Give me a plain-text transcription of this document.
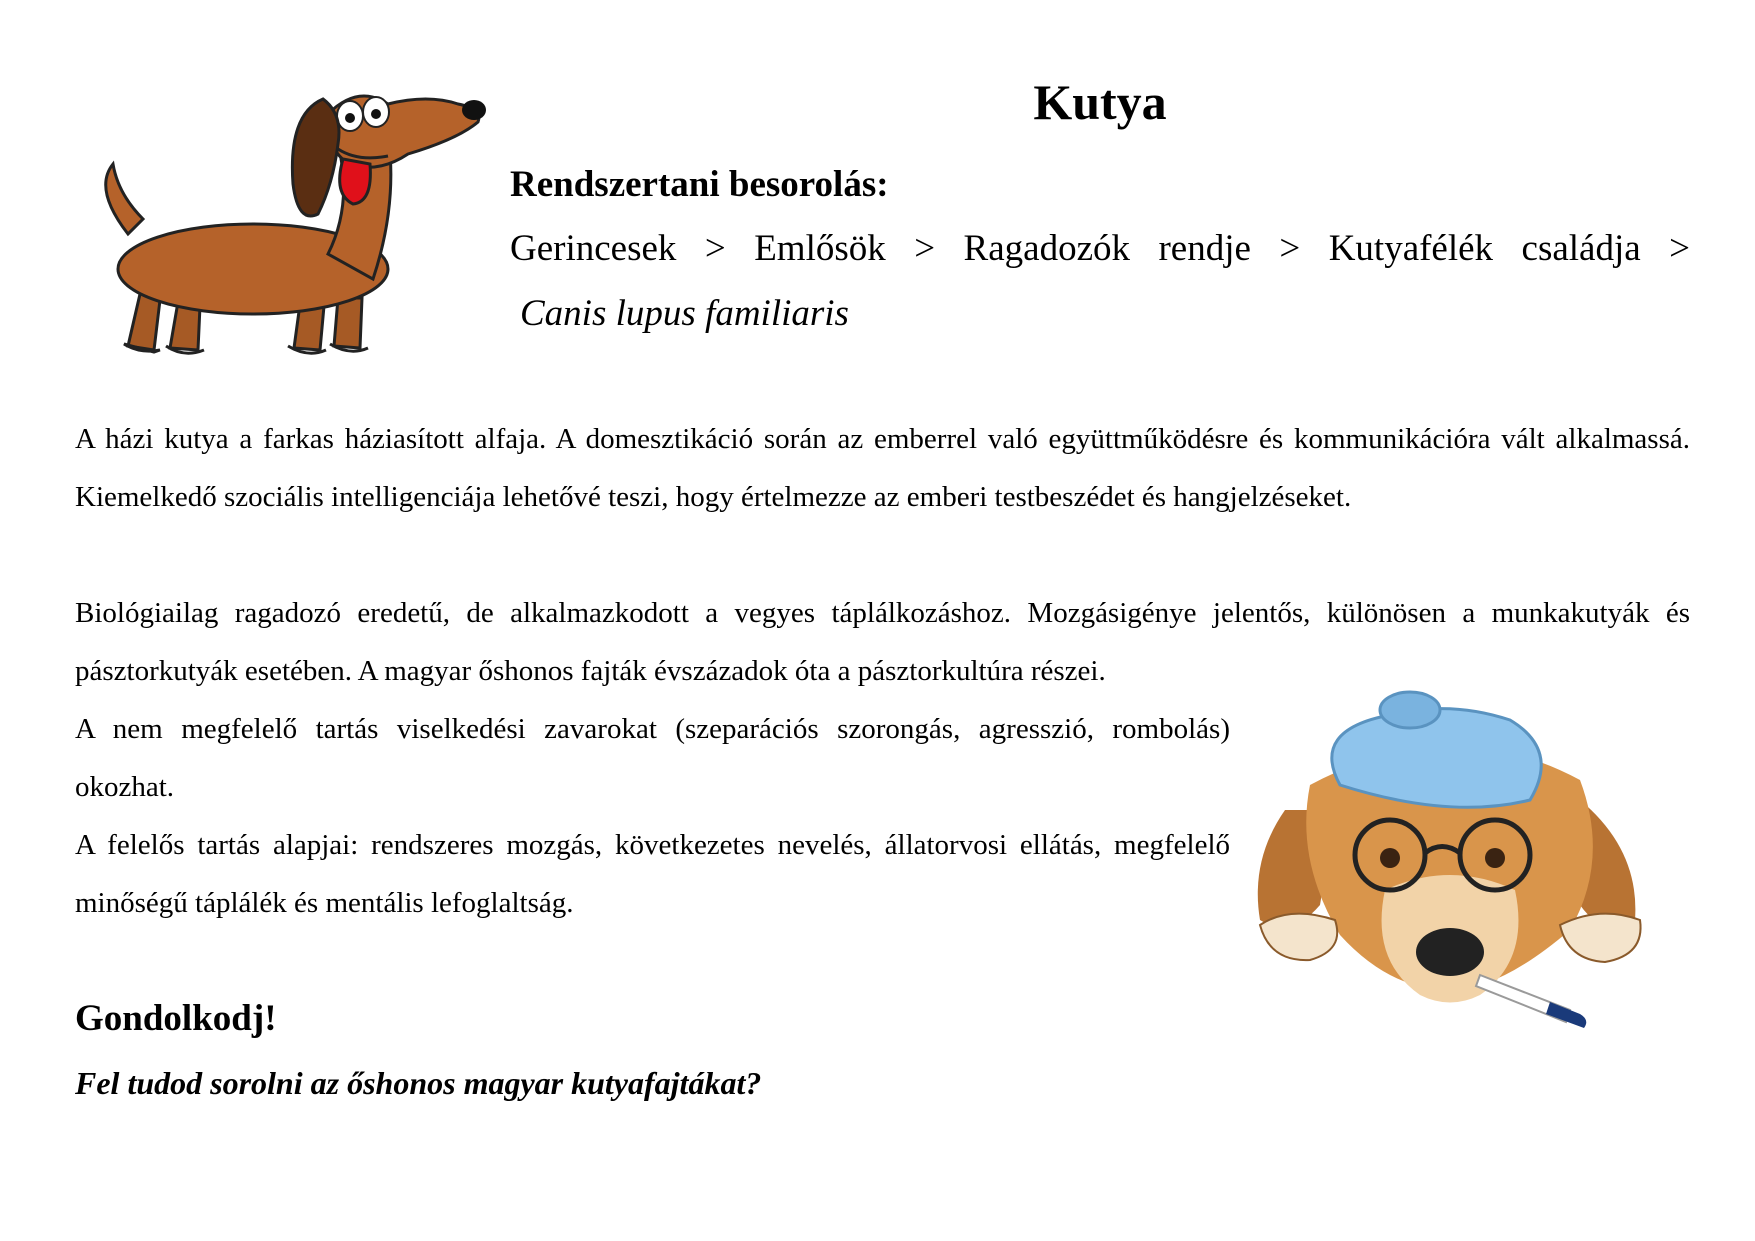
Kutya
Rendszertani besorolás:
Gerincesek > Emlősök > Ragadozók rendje > Kutyafélék családja >
Canis lupus familiaris

A házi kutya a farkas háziasított alfaja. A domesztikáció során az emberrel való együttműködésre és kommunikációra vált alkalmassá. Kiemelkedő szociális intelligenciája lehetővé teszi, hogy értelmezze az emberi testbeszédet és hangjelzéseket.

Biológiailag ragadozó eredetű, de alkalmazkodott a vegyes táplálkozáshoz. Mozgásigénye jelentős, különösen a munkakutyák és pásztorkutyák esetében. A magyar őshonos fajták évszázadok óta a pásztorkultúra részei.

A nem megfelelő tartás viselkedési zavarokat (szeparációs szorongás, agresszió, rombolás) okozhat.

A felelős tartás alapjai: rendszeres mozgás, következetes nevelés, állatorvosi ellátás, megfelelő minőségű táplálék és mentális lefoglaltság.

Gondolkodj!

Fel tudod sorolni az őshonos magyar kutyafajtákat?
